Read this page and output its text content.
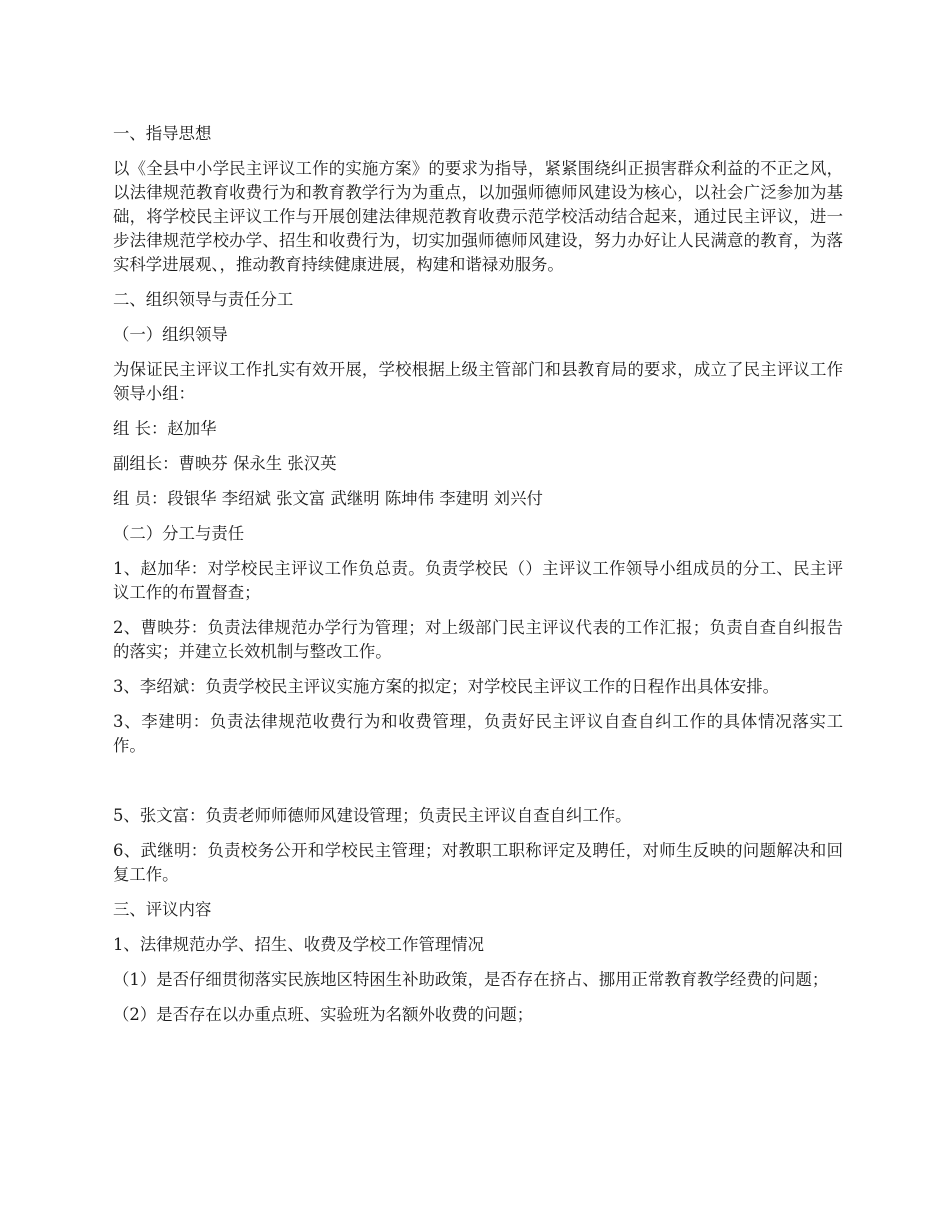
一、指导思想

以《全县中小学民主评议工作的实施方案》的要求为指导，紧紧围绕纠正损害群众利益的不正之风，以法律规范教育收费行为和教育教学行为为重点，以加强师德师风建设为核心，以社会广泛参加为基础，将学校民主评议工作与开展创建法律规范教育收费示范学校活动结合起来，通过民主评议，进一步法律规范学校办学、招生和收费行为，切实加强师德师风建设，努力办好让人民满意的教育，为落实科学进展观、，推动教育持续健康进展，构建和谐禄劝服务。

二、组织领导与责任分工

（一）组织领导

为保证民主评议工作扎实有效开展，学校根据上级主管部门和县教育局的要求，成立了民主评议工作领导小组：

组 长：赵加华

副组长：曹映芬 保永生 张汉英

组 员：段银华 李绍斌 张文富 武继明 陈坤伟 李建明 刘兴付

（二）分工与责任

1、赵加华：对学校民主评议工作负总责。负责学校民（）主评议工作领导小组成员的分工、民主评议工作的布置督查；

2、曹映芬：负责法律规范办学行为管理；对上级部门民主评议代表的工作汇报；负责自查自纠报告的落实；并建立长效机制与整改工作。

3、李绍斌：负责学校民主评议实施方案的拟定；对学校民主评议工作的日程作出具体安排。

3、李建明：负责法律规范收费行为和收费管理，负责好民主评议自查自纠工作的具体情况落实工作。

5、张文富：负责老师师德师风建设管理；负责民主评议自查自纠工作。

6、武继明：负责校务公开和学校民主管理；对教职工职称评定及聘任，对师生反映的问题解决和回复工作。

三、评议内容

1、法律规范办学、招生、收费及学校工作管理情况

（1）是否仔细贯彻落实民族地区特困生补助政策，是否存在挤占、挪用正常教育教学经费的问题；

（2）是否存在以办重点班、实验班为名额外收费的问题；
